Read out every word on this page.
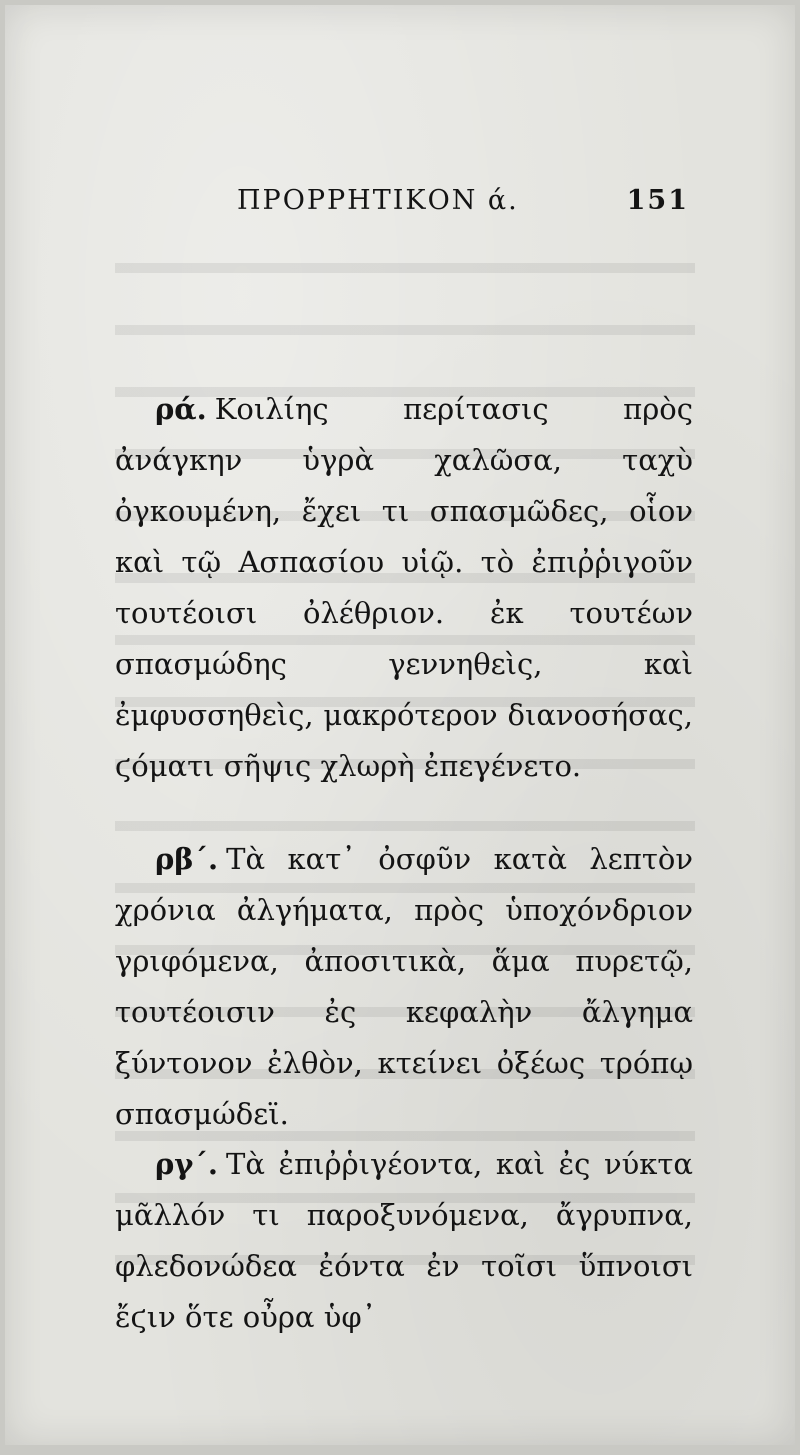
ΠΡΟΡΡΗΤΙΚΟΝ ά.	151

ρά. Κοιλίης περίτασις πρὸς ἀνάγκην ὑγρὰ χαλῶσα, ταχὺ ὀγκουμένη, ἔχει τι σπασμῶδες, οἷον καὶ τῷ Ασπασίου υἱῷ. τὸ ἐπιῤῥιγοῦν τουτέοισι ὀλέθριον. ἐκ τουτέων σπασμώδης γεννηθεὶς, καὶ ἐμφυσσηθεὶς, μακρότερον διανοσήσας, ϛόματι σῆψις χλωρὴ ἐπεγένετο.

ρβ΄. Τὰ κατ᾿ ὀσφῦν κατὰ λεπτὸν χρόνια ἀλγήματα, πρὸς ὑποχόνδριον γριφόμενα, ἀποσιτικὰ, ἅμα πυρετῷ, τουτέοισιν ἐς κεφαλὴν ἄλγημα ξύντονον ἐλθὸν, κτείνει ὀξέως τρόπῳ σπασμώδεϊ.

ργ΄. Τὰ ἐπιῤῥιγέοντα, καὶ ἐς νύκτα μᾶλλόν τι παροξυνόμενα, ἄγρυπνα, φλεδονώδεα ἐόντα ἐν τοῖσι ὕπνοισι ἔϛιν ὅτε οὖρα ὑφ᾿
